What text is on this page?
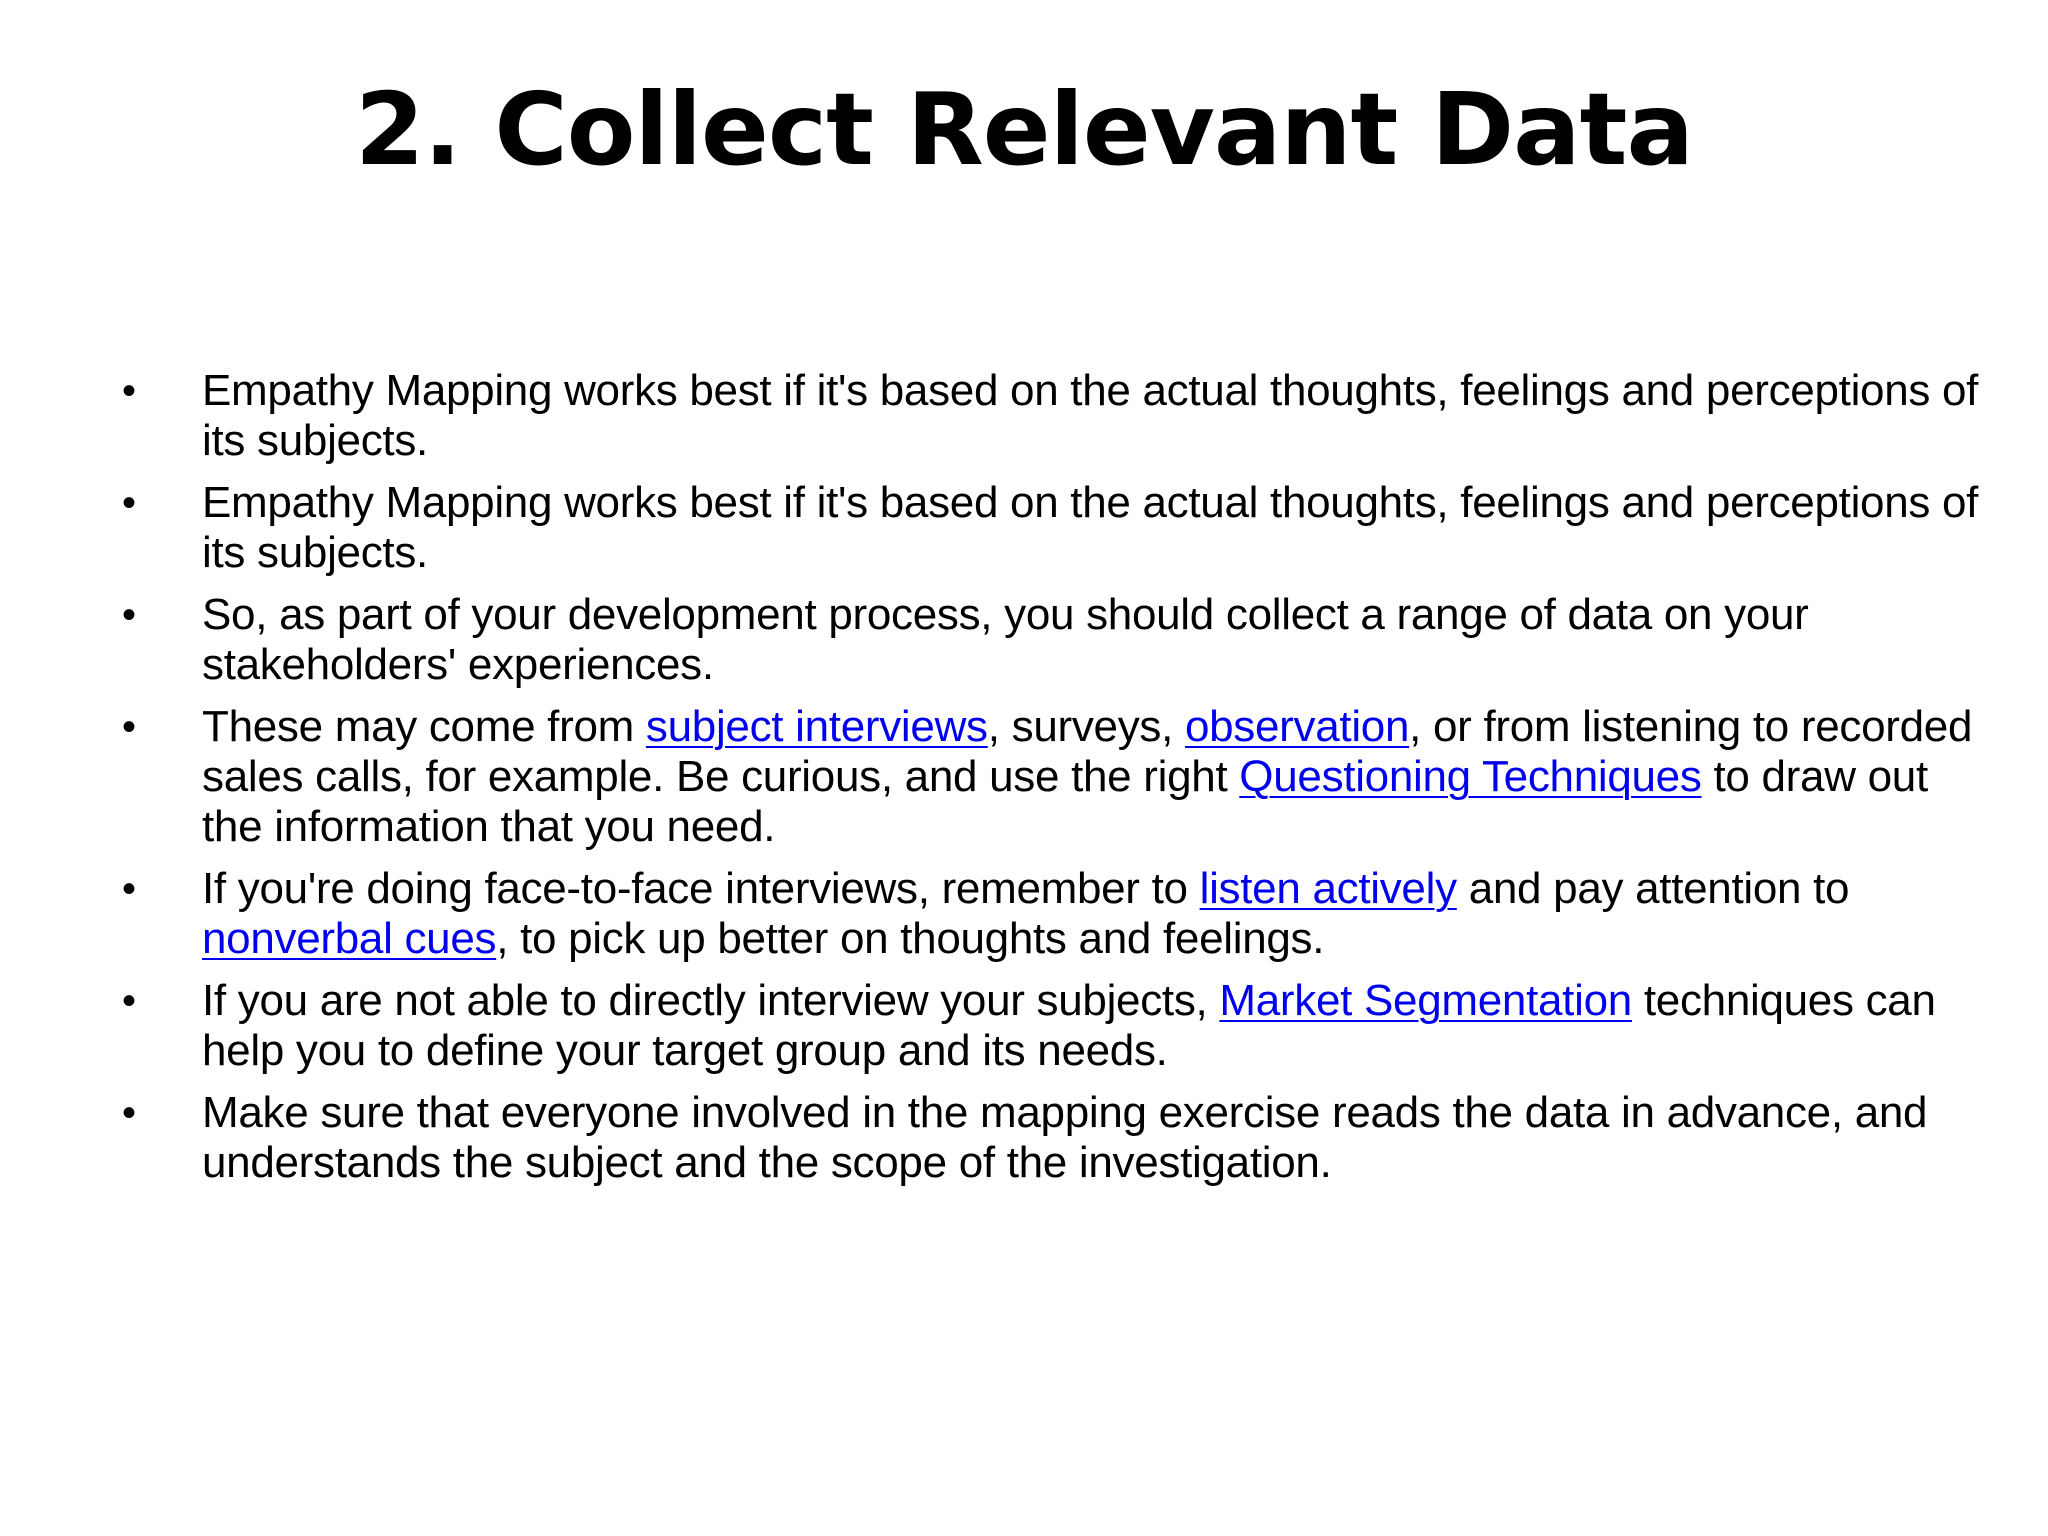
2. Collect Relevant Data
•	Empathy Mapping works best if it's based on the actual thoughts, feelings and perceptions of its subjects.
•	Empathy Mapping works best if it's based on the actual thoughts, feelings and perceptions of its subjects.
•	So, as part of your development process, you should collect a range of data on your stakeholders' experiences.
•	These may come from subject interviews, surveys, observation, or from listening to recorded sales calls, for example. Be curious, and use the right Questioning Techniques to draw out the information that you need.
•	If you're doing face-to-face interviews, remember to listen actively and pay attention to nonverbal cues, to pick up better on thoughts and feelings.
•	If you are not able to directly interview your subjects, Market Segmentation techniques can help you to define your target group and its needs.
•	Make sure that everyone involved in the mapping exercise reads the data in advance, and understands the subject and the scope of the investigation.
